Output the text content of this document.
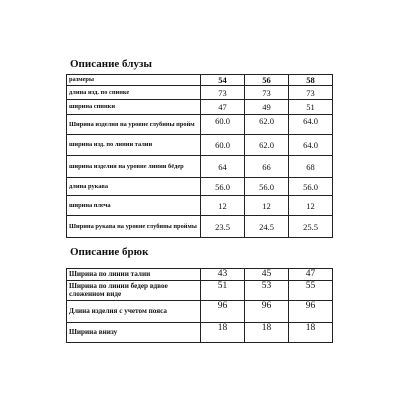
Описание блузы
размеры	54	56	58
длина изд. по спинке	73	73	73
ширина спинки	47	49	51
Ширина изделия на уровне глубины пройм	60.0	62.0	64.0
ширина изд. по линии талии	60.0	62.0	64.0
ширина изделия на уровне линии бёдер	64	66	68
длина рукава	56.0	56.0	56.0
ширина плеча	12	12	12
Ширина рукава на уровне глубины проймы	23.5	24.5	25.5
Описание брюк
Ширина по линии талии	43	45	47
Ширина по линии бедер вдвое сложенном виде	51	53	55
Длина изделия с учетом пояса	96	96	96
Ширина внизу	18	18	18
